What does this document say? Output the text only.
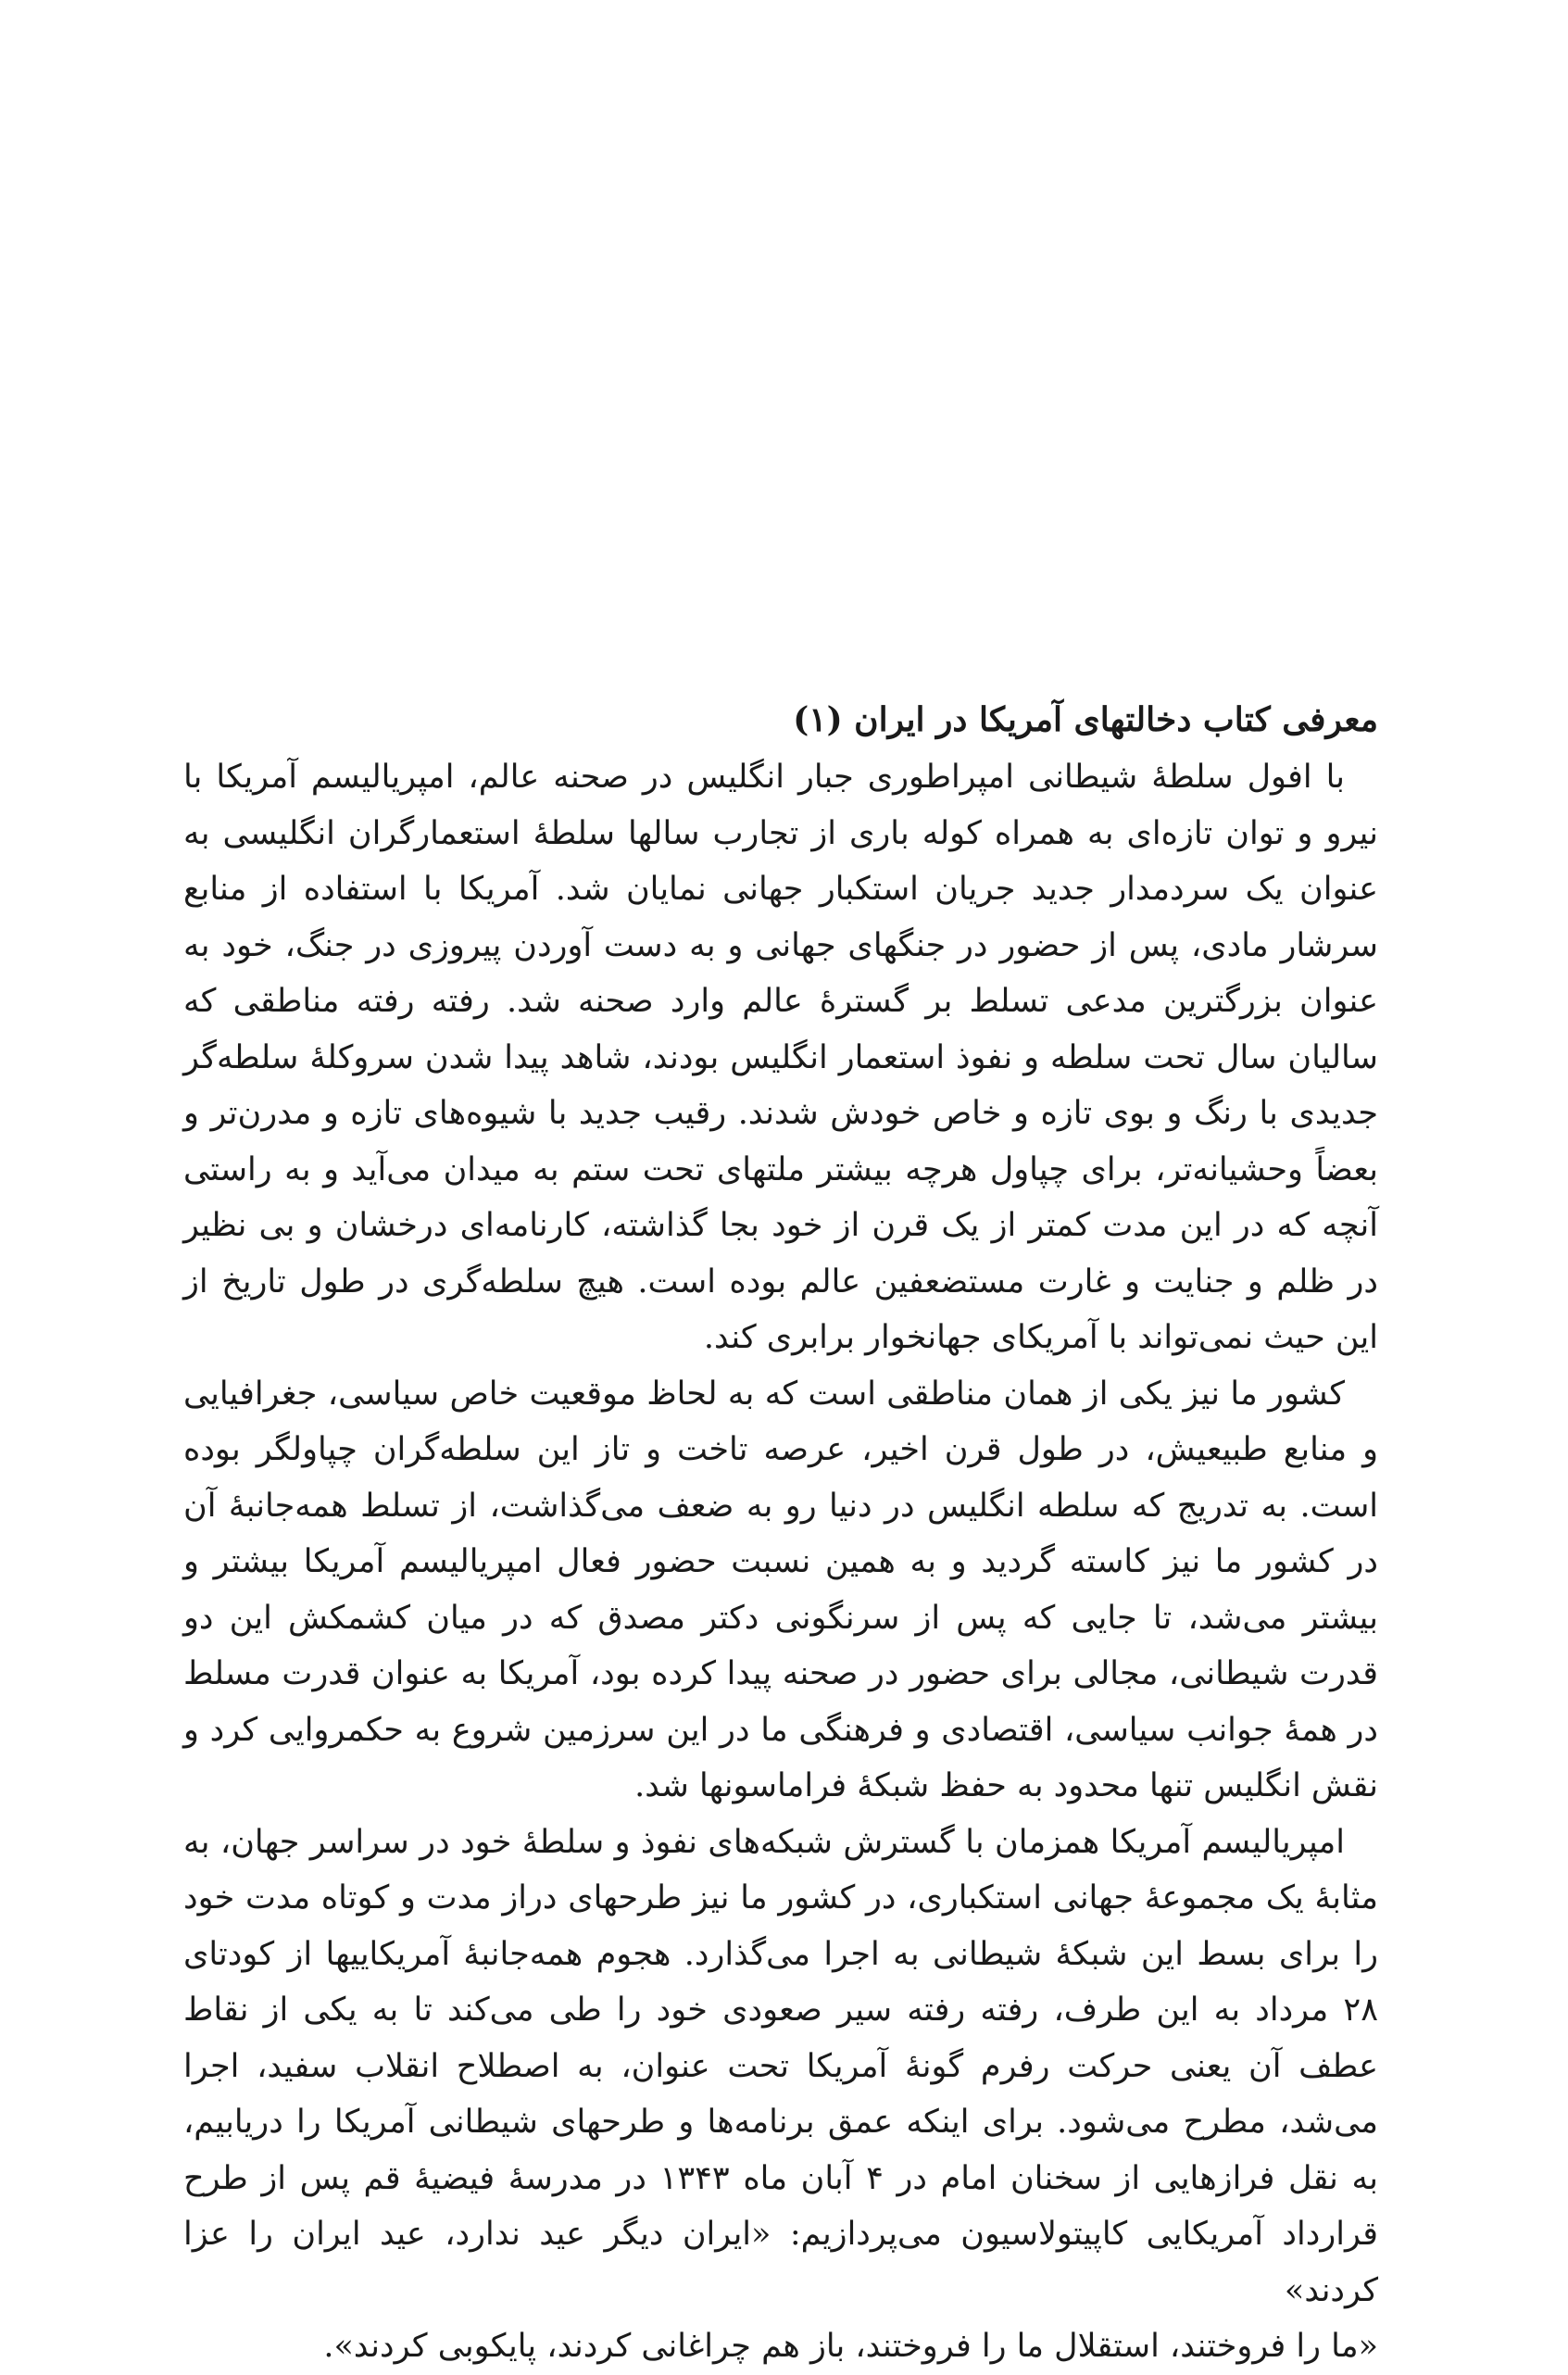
معرفی کتاب دخالتهای آمریکا در ایران (۱)

با افول سلطهٔ شیطانی امپراطوری جبار انگلیس در صحنه عالم، امپریالیسم آمریکا با نیرو و توان تازه‌ای به همراه کوله باری از تجارب سالها سلطهٔ استعمارگران انگلیسی به عنوان یک سردمدار جدید جریان استکبار جهانی نمایان شد. آمریکا با استفاده از منابع سرشار مادی، پس از حضور در جنگهای جهانی و به دست آوردن پیروزی در جنگ، خود به عنوان بزرگترین مدعی تسلط بر گسترهٔ عالم وارد صحنه شد. رفته رفته مناطقی که سالیان سال تحت سلطه و نفوذ استعمار انگلیس بودند، شاهد پیدا شدن سروکلهٔ سلطه‌گر جدیدی با رنگ و بوی تازه و خاص خودش شدند. رقیب جدید با شیوه‌های تازه و مدرن‌تر و بعضاً وحشیانه‌تر، برای چپاول هرچه بیشتر ملتهای تحت ستم به میدان می‌آید و به راستی آنچه که در این مدت کمتر از یک قرن از خود بجا گذاشته، کارنامه‌ای درخشان و بی نظیر در ظلم و جنایت و غارت مستضعفین عالم بوده است. هیچ سلطه‌گری در طول تاریخ از این حیث نمی‌تواند با آمریکای جهانخوار برابری کند.

کشور ما نیز یکی از همان مناطقی است که به لحاظ موقعیت خاص سیاسی، جغرافیایی و منابع طبیعیش، در طول قرن اخیر، عرصه تاخت و تاز این سلطه‌گران چپاولگر بوده است. به تدریج که سلطه انگلیس در دنیا رو به ضعف می‌گذاشت، از تسلط همه‌جانبهٔ آن در کشور ما نیز کاسته گردید و به همین نسبت حضور فعال امپریالیسم آمریکا بیشتر و بیشتر می‌شد، تا جایی که پس از سرنگونی دکتر مصدق که در میان کشمکش این دو قدرت شیطانی، مجالی برای حضور در صحنه پیدا کرده بود، آمریکا به عنوان قدرت مسلط در همهٔ جوانب سیاسی، اقتصادی و فرهنگی ما در این سرزمین شروع به حکمروایی کرد و نقش انگلیس تنها محدود به حفظ شبکهٔ فراماسونها شد.

امپریالیسم آمریکا همزمان با گسترش شبکه‌های نفوذ و سلطهٔ خود در سراسر جهان، به مثابهٔ یک مجموعهٔ جهانی استکباری، در کشور ما نیز طرحهای دراز مدت و کوتاه مدت خود را برای بسط این شبکهٔ شیطانی به اجرا می‌گذارد. هجوم همه‌جانبهٔ آمریکاییها از کودتای ۲۸ مرداد به این طرف، رفته رفته سیر صعودی خود را طی می‌کند تا به یکی از نقاط عطف آن یعنی حرکت رفرم گونهٔ آمریکا تحت عنوان، به اصطلاح انقلاب سفید، اجرا می‌شد، مطرح می‌شود. برای اینکه عمق برنامه‌ها و طرحهای شیطانی آمریکا را دریابیم، به نقل فرازهایی از سخنان امام در ۴ آبان ماه ۱۳۴۳ در مدرسهٔ فیضیهٔ قم پس از طرح قرارداد آمریکایی کاپیتولاسیون می‌پردازیم: «ایران دیگر عید ندارد، عید ایران را عزا کردند»

«ما را فروختند، استقلال ما را فروختند، باز هم چراغانی کردند، پایکوبی کردند».
